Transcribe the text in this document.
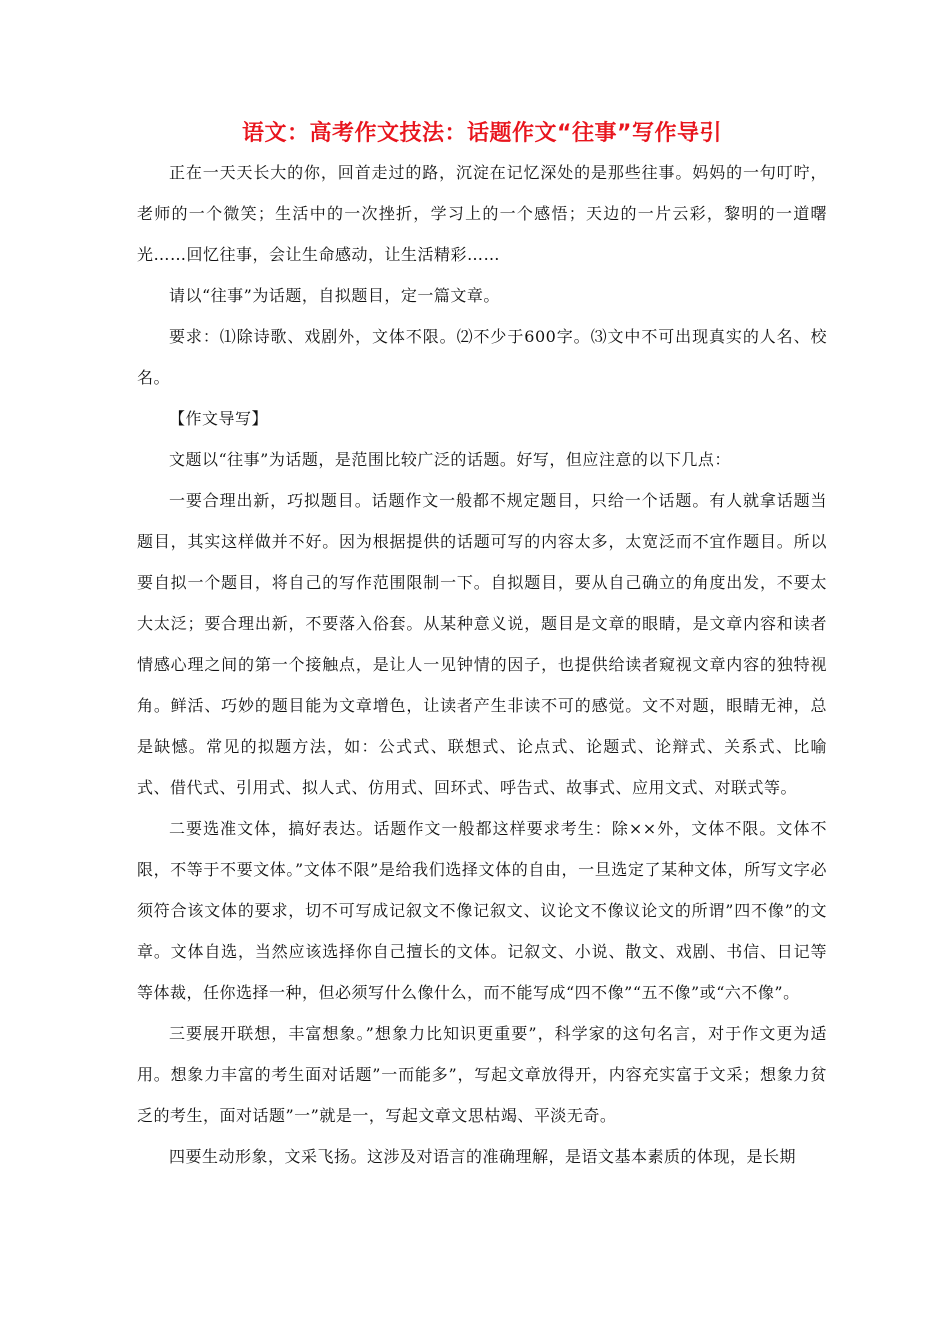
语文：高考作文技法：话题作文“往事”写作导引

正在一天天长大的你，回首走过的路，沉淀在记忆深处的是那些往事。妈妈的一句叮咛，老师的一个微笑；生活中的一次挫折，学习上的一个感悟；天边的一片云彩，黎明的一道曙光……回忆往事，会让生命感动，让生活精彩……

请以“往事”为话题，自拟题目，定一篇文章。

要求：⑴除诗歌、戏剧外，文体不限。⑵不少于600字。⑶文中不可出现真实的人名、校名。

【作文导写】

文题以“往事”为话题，是范围比较广泛的话题。好写，但应注意的以下几点：

一要合理出新，巧拟题目。话题作文一般都不规定题目，只给一个话题。有人就拿话题当题目，其实这样做并不好。因为根据提供的话题可写的内容太多，太宽泛而不宜作题目。所以要自拟一个题目，将自己的写作范围限制一下。自拟题目，要从自己确立的角度出发，不要太大太泛；要合理出新，不要落入俗套。从某种意义说，题目是文章的眼睛，是文章内容和读者情感心理之间的第一个接触点，是让人一见钟情的因子，也提供给读者窥视文章内容的独特视角。鲜活、巧妙的题目能为文章增色，让读者产生非读不可的感觉。文不对题，眼睛无神，总是缺憾。常见的拟题方法，如：公式式、联想式、论点式、论题式、论辩式、关系式、比喻式、借代式、引用式、拟人式、仿用式、回环式、呼告式、故事式、应用文式、对联式等。

二要选准文体，搞好表达。话题作文一般都这样要求考生：除××外，文体不限。文体不限，不等于不要文体。”文体不限”是给我们选择文体的自由，一旦选定了某种文体，所写文字必须符合该文体的要求，切不可写成记叙文不像记叙文、议论文不像议论文的所谓”四不像”的文章。文体自选，当然应该选择你自己擅长的文体。记叙文、小说、散文、戏剧、书信、日记等等体裁，任你选择一种，但必须写什么像什么，而不能写成“四不像”“五不像”或“六不像”。

三要展开联想，丰富想象。”想象力比知识更重要”，科学家的这句名言，对于作文更为适用。想象力丰富的考生面对话题”一而能多”，写起文章放得开，内容充实富于文采；想象力贫乏的考生，面对话题”一”就是一，写起文章文思枯竭、平淡无奇。

四要生动形象，文采飞扬。这涉及对语言的准确理解，是语文基本素质的体现，是长期
